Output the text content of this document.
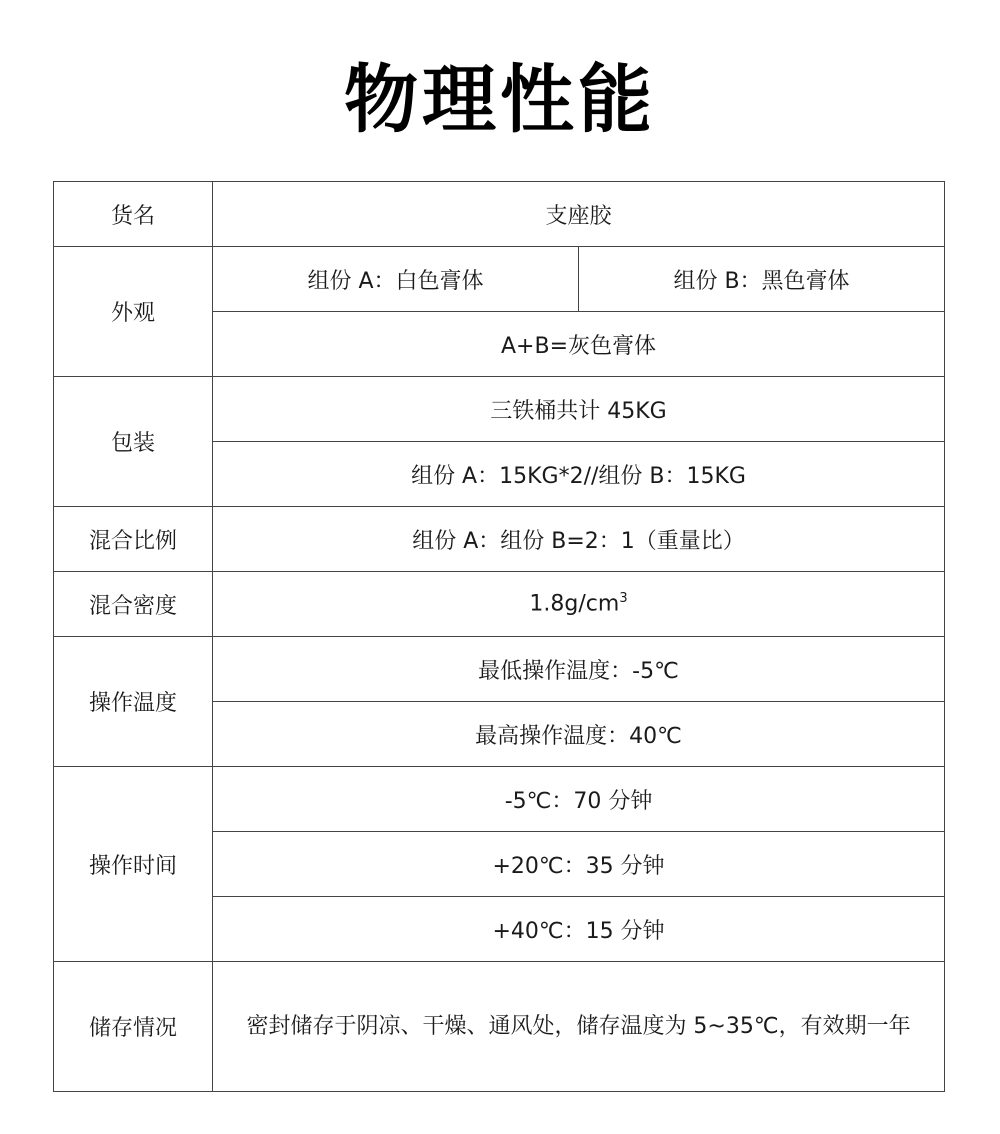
物理性能
货名	支座胶	
外观	组份 A：白色膏体	组份 B：黑色膏体
	A+B=灰色膏体	
包装	三铁桶共计 45KG	
	组份 A：15KG*2//组份 B：15KG	
混合比例	组份 A：组份 B=2：1（重量比）	
混合密度	$1.8g/cm^3$
操作温度	最低操作温度：-5℃	
	最高操作温度：40℃	
操作时间	-5℃：70 分钟	
	+20℃：35 分钟	
	+40℃：15 分钟	
储存情况	密封储存于阴凉、干燥、通风处，储存温度为 5~35℃，有效期一年	
